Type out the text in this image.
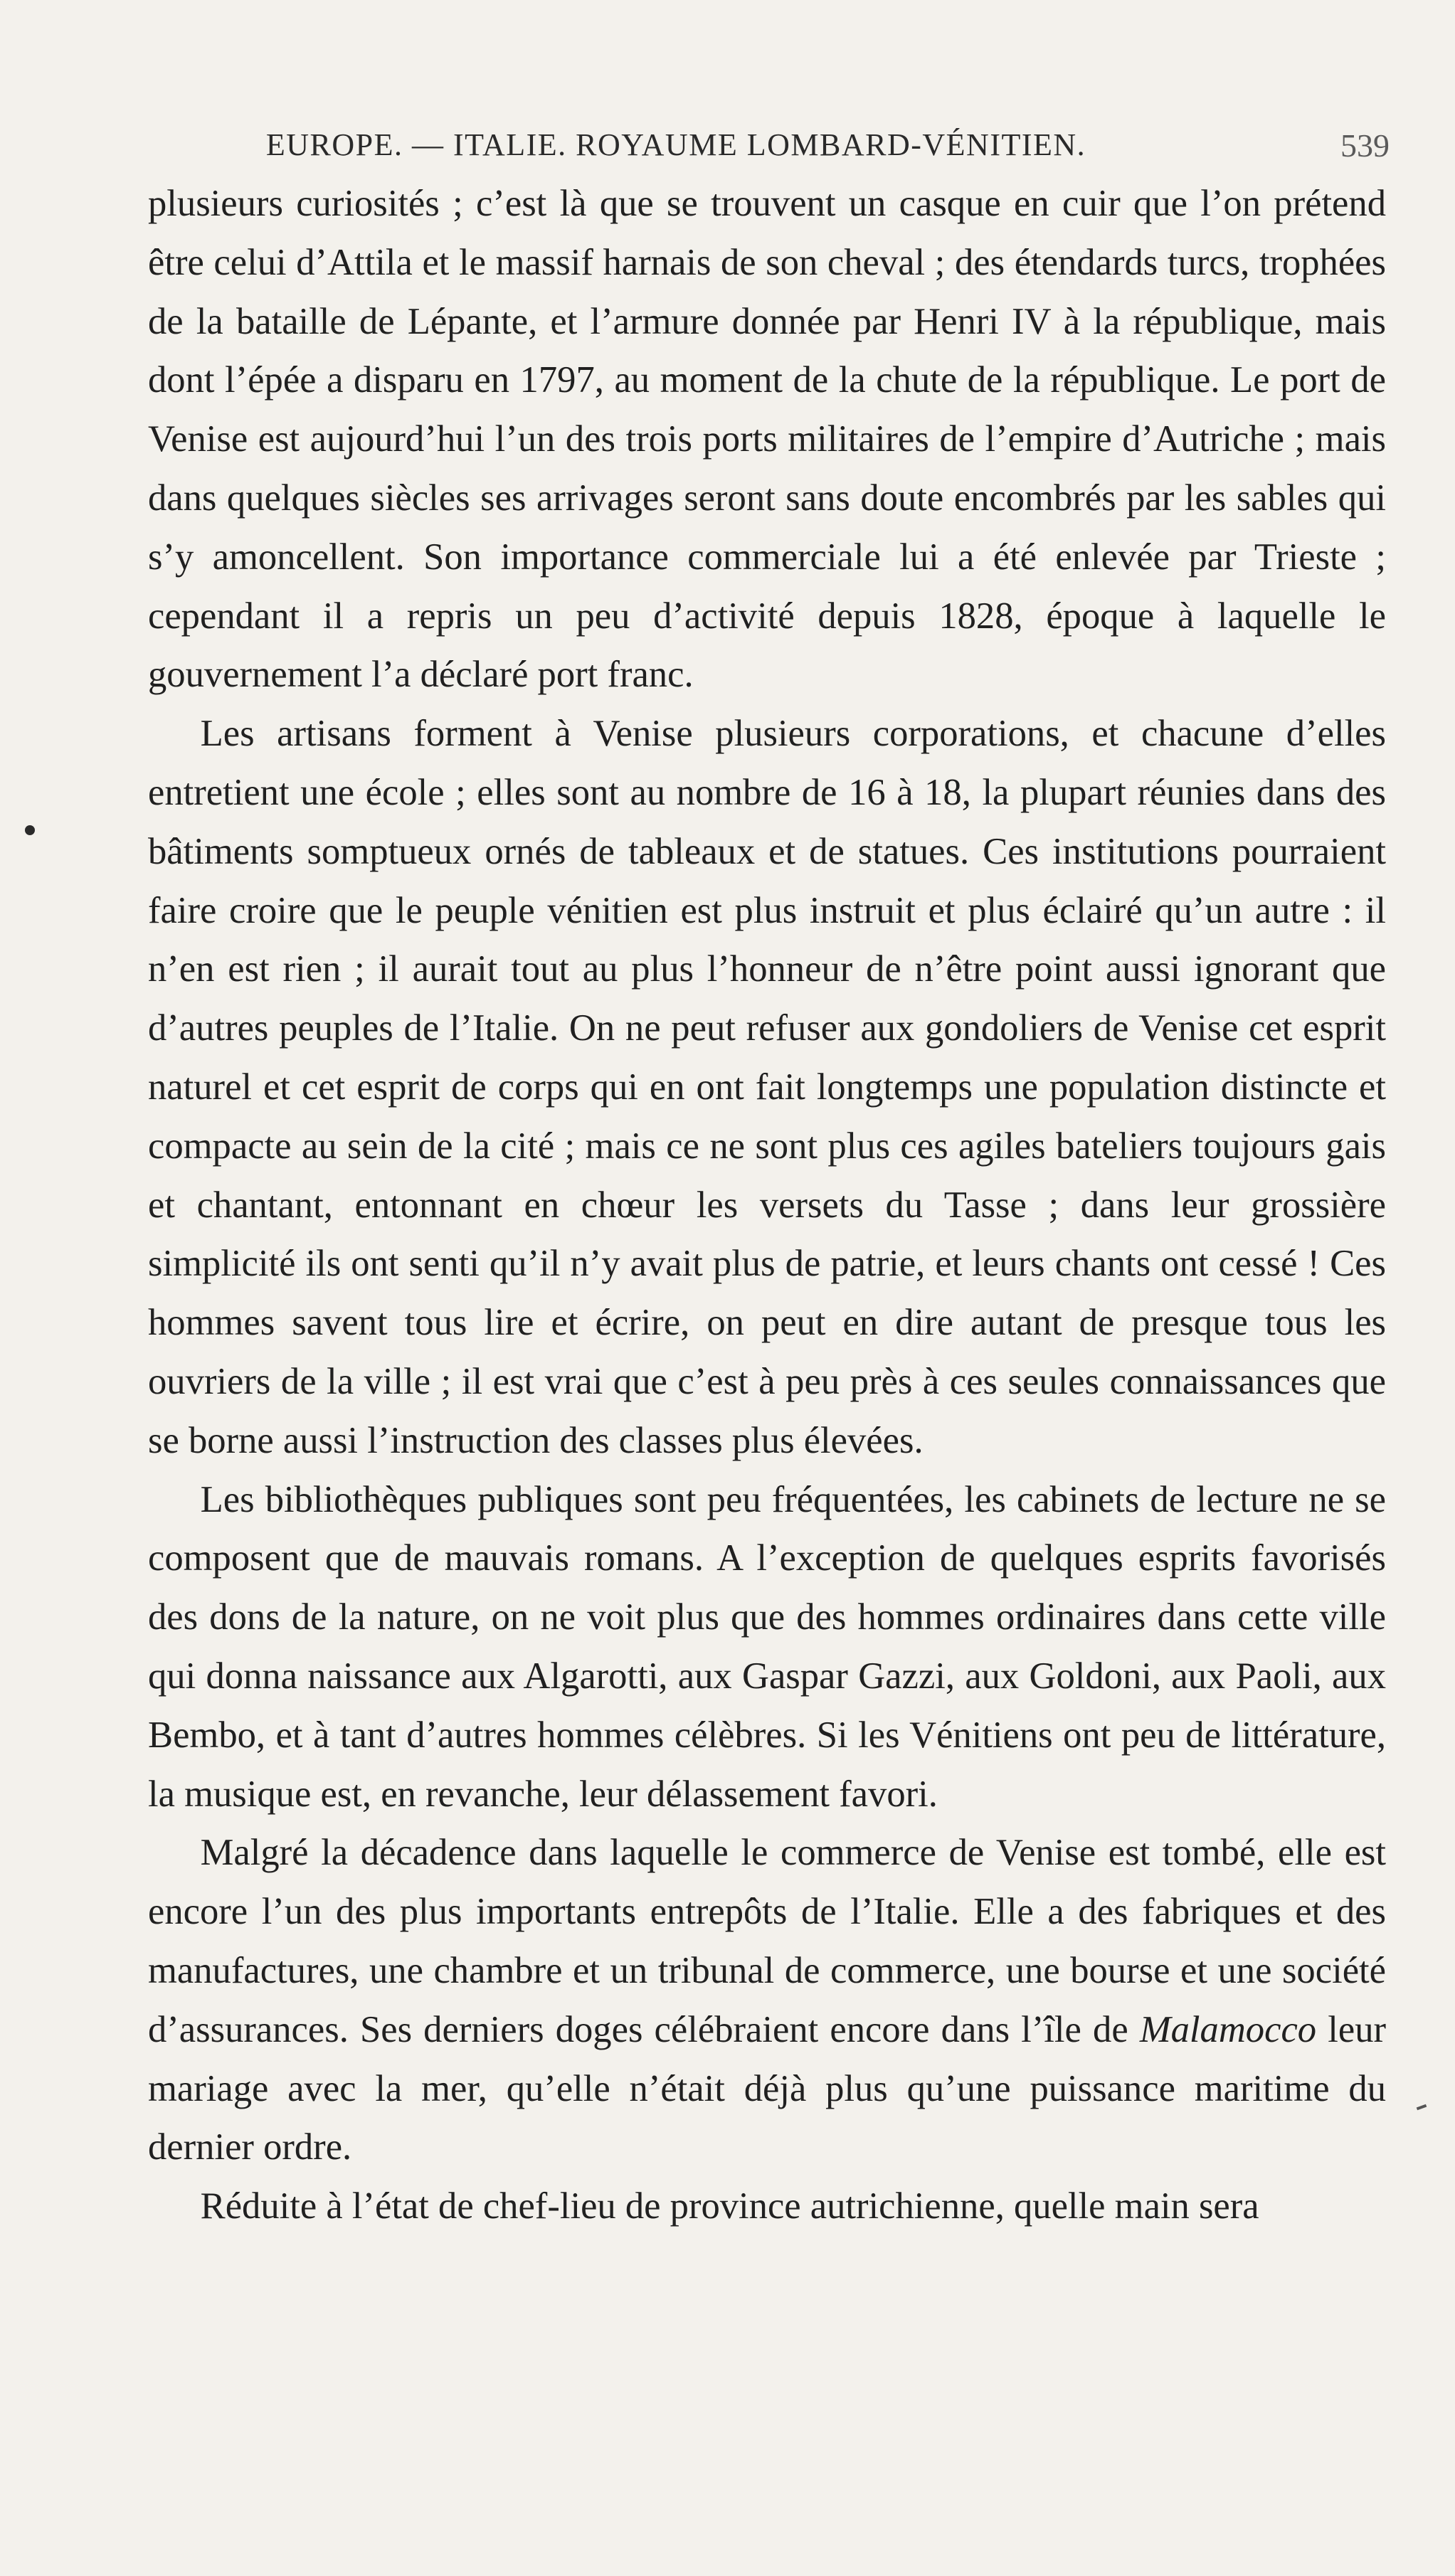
EUROPE. — ITALIE. ROYAUME LOMBARD-VÉNITIEN.	539

plusieurs curiosités ; c’est là que se trouvent un casque en cuir que l’on prétend être celui d’Attila et le massif harnais de son cheval ; des étendards turcs, trophées de la bataille de Lépante, et l’armure donnée par Henri IV à la république, mais dont l’épée a disparu en 1797, au moment de la chute de la république. Le port de Venise est aujourd’hui l’un des trois ports militaires de l’empire d’Autriche ; mais dans quelques siècles ses arrivages seront sans doute encombrés par les sables qui s’y amoncellent. Son importance commerciale lui a été enlevée par Trieste ; cependant il a repris un peu d’activité depuis 1828, époque à laquelle le gouvernement l’a déclaré port franc.

Les artisans forment à Venise plusieurs corporations, et chacune d’elles entretient une école ; elles sont au nombre de 16 à 18, la plupart réunies dans des bâtiments somptueux ornés de tableaux et de statues. Ces institutions pourraient faire croire que le peuple vénitien est plus instruit et plus éclairé qu’un autre : il n’en est rien ; il aurait tout au plus l’honneur de n’être point aussi ignorant que d’autres peuples de l’Italie. On ne peut refuser aux gondoliers de Venise cet esprit naturel et cet esprit de corps qui en ont fait longtemps une population distincte et compacte au sein de la cité ; mais ce ne sont plus ces agiles bateliers toujours gais et chantant, entonnant en chœur les versets du Tasse ; dans leur grossière simplicité ils ont senti qu’il n’y avait plus de patrie, et leurs chants ont cessé ! Ces hommes savent tous lire et écrire, on peut en dire autant de presque tous les ouvriers de la ville ; il est vrai que c’est à peu près à ces seules connaissances que se borne aussi l’instruction des classes plus élevées.

Les bibliothèques publiques sont peu fréquentées, les cabinets de lecture ne se composent que de mauvais romans. A l’exception de quelques esprits favorisés des dons de la nature, on ne voit plus que des hommes ordinaires dans cette ville qui donna naissance aux Algarotti, aux Gaspar Gazzi, aux Goldoni, aux Paoli, aux Bembo, et à tant d’autres hommes célèbres. Si les Vénitiens ont peu de littérature, la musique est, en revanche, leur délassement favori.

Malgré la décadence dans laquelle le commerce de Venise est tombé, elle est encore l’un des plus importants entrepôts de l’Italie. Elle a des fabriques et des manufactures, une chambre et un tribunal de commerce, une bourse et une société d’assurances. Ses derniers doges célébraient encore dans l’île de Malamocco leur mariage avec la mer, qu’elle n’était déjà plus qu’une puissance maritime du dernier ordre.

Réduite à l’état de chef-lieu de province autrichienne, quelle main sera
